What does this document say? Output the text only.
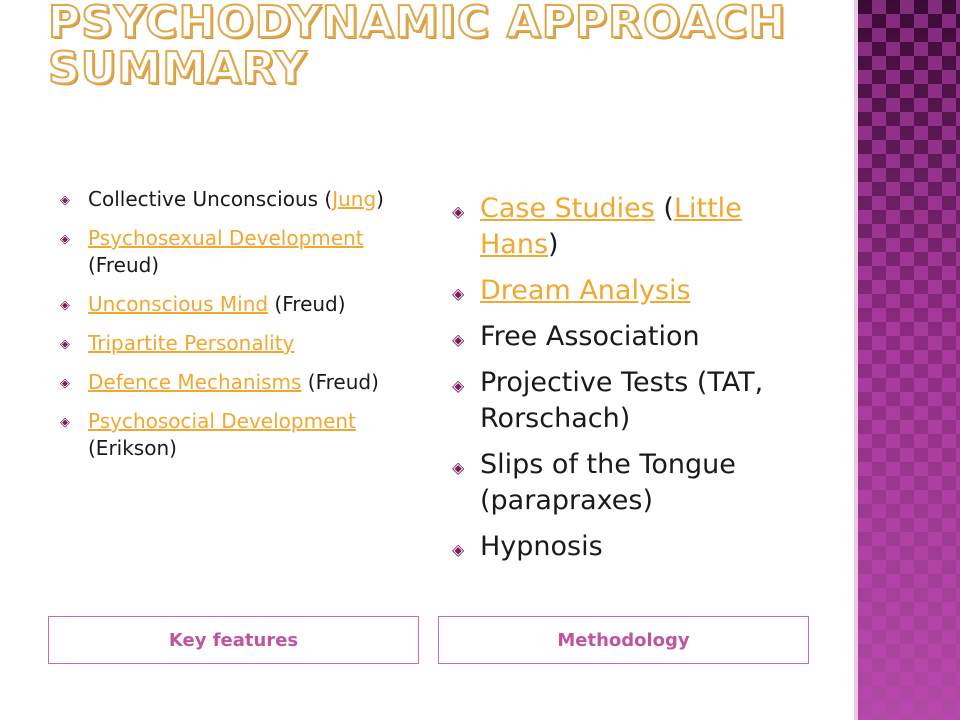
PSYCHODYNAMIC APPROACH SUMMARY
◈ Collective Unconscious (Jung)
◈ Psychosexual Development (Freud)
◈ Unconscious Mind (Freud)
◈ Tripartite Personality
◈ Defence Mechanisms (Freud)
◈ Psychosocial Development (Erikson)
◈ Case Studies (Little Hans)
◈ Dream Analysis
◈ Free Association
◈ Projective Tests (TAT, Rorschach)
◈ Slips of the Tongue (parapraxes)
◈ Hypnosis
Key features	Methodology
